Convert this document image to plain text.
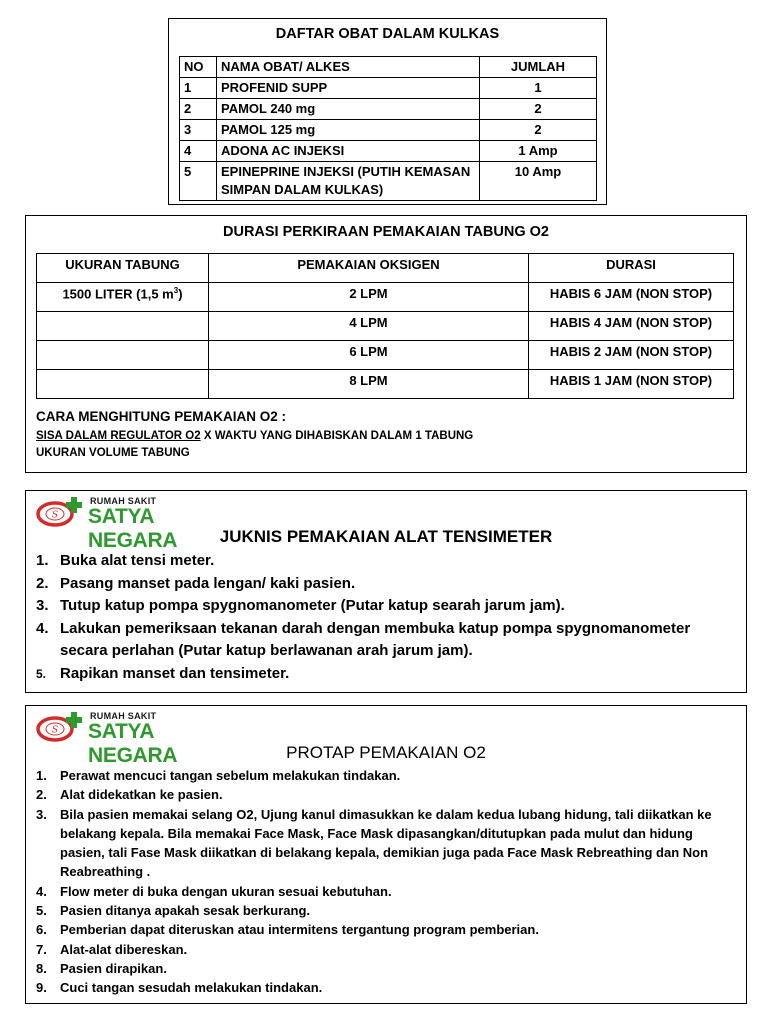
DAFTAR OBAT DALAM KULKAS
NO	NAMA OBAT/ ALKES	JUMLAH
1	PROFENID SUPP	1
2	PAMOL 240 mg	2
3	PAMOL 125 mg	2
4	ADONA AC INJEKSI	1 Amp
5	EPINEPRINE INJEKSI (PUTIH KEMASAN SIMPAN DALAM KULKAS)	10 Amp
DURASI PERKIRAAN PEMAKAIAN TABUNG O2
UKURAN TABUNG	PEMAKAIAN OKSIGEN	DURASI
1500 LITER (1,5 $m^3$)	2 LPM	HABIS 6 JAM (NON STOP)
	4 LPM	HABIS 4 JAM (NON STOP)
	6 LPM	HABIS 2 JAM (NON STOP)
	8 LPM	HABIS 1 JAM (NON STOP)
CARA MENGHITUNG PEMAKAIAN O2 :
SISA DALAM REGULATOR O2 X WAKTU YANG DIHABISKAN DALAM 1 TABUNG
UKURAN VOLUME TABUNG
S
RUMAH SAKIT
SATYA NEGARA	JUKNIS PEMAKAIAN ALAT TENSIMETER
1. Buka alat tensi meter.
2. Pasang manset pada lengan/ kaki pasien.
3. Tutup katup pompa spygnomanometer (Putar katup searah jarum jam).
4. Lakukan pemeriksaan tekanan darah dengan membuka katup pompa spygnomanometer secara perlahan (Putar katup berlawanan arah jarum jam).
5. Rapikan manset dan tensimeter.
S
RUMAH SAKIT
SATYA NEGARA	PROTAP PEMAKAIAN O2
1. Perawat mencuci tangan sebelum melakukan tindakan.
2. Alat didekatkan ke pasien.
3. Bila pasien memakai selang O2, Ujung kanul dimasukkan ke dalam kedua lubang hidung, tali diikatkan ke belakang kepala. Bila memakai Face Mask, Face Mask dipasangkan/ditutupkan pada mulut dan hidung pasien, tali Fase Mask diikatkan di belakang kepala, demikian juga pada Face Mask Rebreathing dan Non Reabreathing .
4. Flow meter di buka dengan ukuran sesuai kebutuhan.
5. Pasien ditanya apakah sesak berkurang.
6. Pemberian dapat diteruskan atau intermitens tergantung program pemberian.
7. Alat-alat dibereskan.
8. Pasien dirapikan.
9. Cuci tangan sesudah melakukan tindakan.
